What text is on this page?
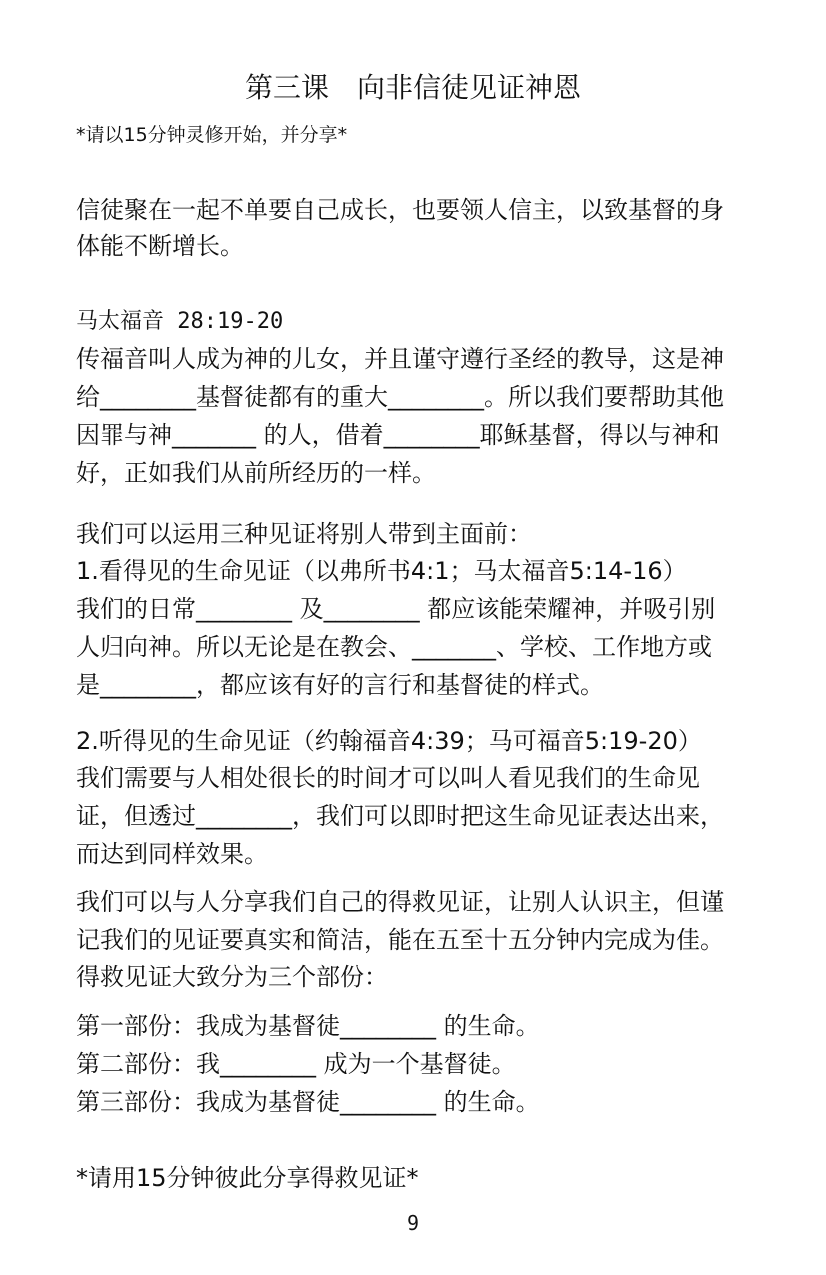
第三课　向非信徒见证神恩
*请以15分钟灵修开始，并分享*
信徒聚在一起不单要自己成长，也要领人信主，以致基督的身
体能不断增长。
马太福音 28:19-20
传福音叫人成为神的儿女，并且谨守遵行圣经的教导，这是神
给________基督徒都有的重大________。所以我们要帮助其他
因罪与神_______ 的人，借着________耶稣基督，得以与神和
好，正如我们从前所经历的一样。
我们可以运用三种见证将别人带到主面前：
1.看得见的生命见证（以弗所书4:1；马太福音5:14-16）
我们的日常________ 及________ 都应该能荣耀神，并吸引别
人归向神。所以无论是在教会、_______、学校、工作地方或
是________，都应该有好的言行和基督徒的样式。
2.听得见的生命见证（约翰福音4:39；马可福音5:19-20）
我们需要与人相处很长的时间才可以叫人看见我们的生命见
证，但透过________，我们可以即时把这生命见证表达出来，
而达到同样效果。
我们可以与人分享我们自己的得救见证，让别人认识主，但谨
记我们的见证要真实和简洁，能在五至十五分钟内完成为佳。
得救见证大致分为三个部份：
第一部份：我成为基督徒________ 的生命。
第二部份：我________ 成为一个基督徒。
第三部份：我成为基督徒________ 的生命。
*请用15分钟彼此分享得救见证*
9
